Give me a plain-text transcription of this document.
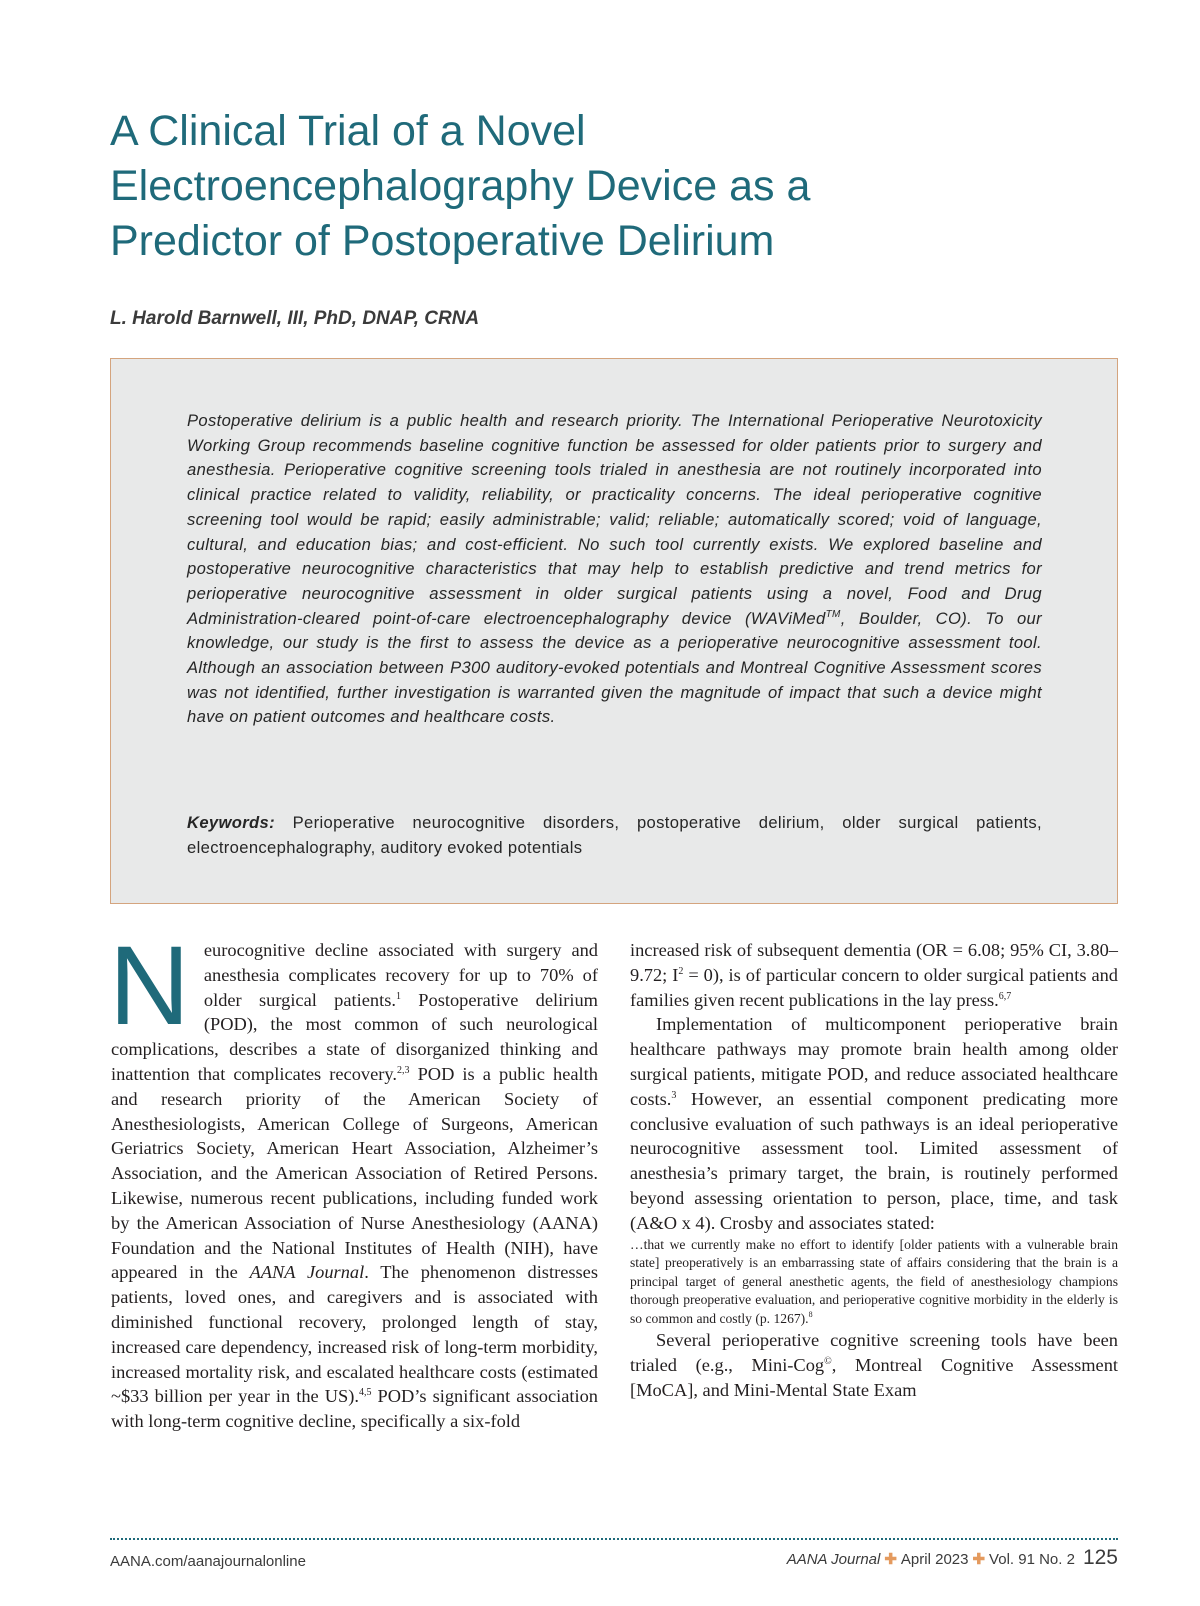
A Clinical Trial of a Novel
Electroencephalography Device as a
Predictor of Postoperative Delirium

L. Harold Barnwell, III, PhD, DNAP, CRNA

Postoperative delirium is a public health and research priority. The International Perioperative Neurotoxicity Working Group recommends baseline cognitive function be assessed for older patients prior to surgery and anesthesia. Perioperative cognitive screening tools trialed in anesthesia are not routinely incorporated into clinical practice related to validity, reliability, or practicality concerns. The ideal perioperative cognitive screening tool would be rapid; easily administrable; valid; reliable; automatically scored; void of language, cultural, and education bias; and cost-efficient. No such tool currently exists. We explored baseline and postoperative neurocognitive characteristics that may help to establish predictive and trend metrics for perioperative neurocognitive assessment in older surgical patients using a novel, Food and Drug Administration-cleared point-of-care electroencephalography device (WAViMed™, Boulder, CO). To our knowledge, our study is the first to assess the device as a perioperative neurocognitive assessment tool. Although an association between P300 auditory-evoked potentials and Montreal Cognitive Assessment scores was not identified, further investigation is warranted given the magnitude of impact that such a device might have on patient outcomes and healthcare costs.

Keywords: Perioperative neurocognitive disorders, postoperative delirium, older surgical patients, electroencephalography, auditory evoked potentials

Neurocognitive decline associated with surgery and anesthesia complicates recovery for up to 70% of older surgical patients.$^1$ Postoperative delirium (POD), the most common of such neurological complications, describes a state of disorganized thinking and inattention that complicates recovery.$^{2,3}$ POD is a public health and research priority of the American Society of Anesthesiologists, American College of Surgeons, American Geriatrics Society, American Heart Association, Alzheimer’s Association, and the American Association of Retired Persons. Likewise, numerous recent publications, including funded work by the American Association of Nurse Anesthesiology (AANA) Foundation and the National Institutes of Health (NIH), have appeared in the AANA Journal. The phenomenon distresses patients, loved ones, and caregivers and is associated with diminished functional recovery, prolonged length of stay, increased care dependency, increased risk of long-term morbidity, increased mortality risk, and escalated healthcare costs (estimated ~$33 billion per year in the US).$^{4,5}$ POD’s significant association with long-term cognitive decline, specifically a six-fold

increased risk of subsequent dementia (OR = 6.08; 95% CI, 3.80–9.72; $I^2 = 0$), is of particular concern to older surgical patients and families given recent publications in the lay press.$^{6,7}$

Implementation of multicomponent perioperative brain healthcare pathways may promote brain health among older surgical patients, mitigate POD, and reduce associated healthcare costs.$^3$ However, an essential component predicating more conclusive evaluation of such pathways is an ideal perioperative neurocognitive assessment tool. Limited assessment of anesthesia’s primary target, the brain, is routinely performed beyond assessing orientation to person, place, time, and task (A&O x 4). Crosby and associates stated:

…that we currently make no effort to identify [older patients with a vulnerable brain state] preoperatively is an embarrassing state of affairs considering that the brain is a principal target of general anesthetic agents, the field of anesthesiology champions thorough preoperative evaluation, and perioperative cognitive morbidity in the elderly is so common and costly (p. 1267).$^8$

Several perioperative cognitive screening tools have been trialed (e.g., Mini-Cog©, Montreal Cognitive Assessment [MoCA], and Mini-Mental State Exam

AANA.com/aanajournalonline	AANA Journal ✚ April 2023 ✚ Vol. 91 No. 2 125
